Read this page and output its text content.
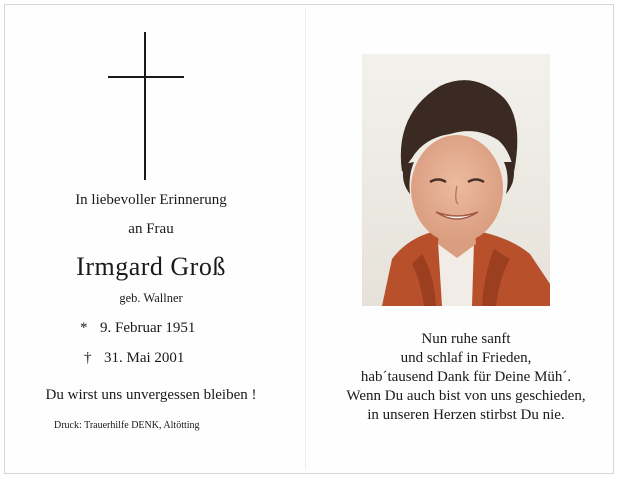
In liebevoller Erinnerung
an Frau
Irmgard Groß
geb. Wallner
* 9. Februar 1951
† 31. Mai 2001
Du wirst uns unvergessen bleiben !
Druck: Trauerhilfe DENK, Altötting
Nun ruhe sanft
und schlaf in Frieden,
hab´tausend Dank für Deine Müh´.
Wenn Du auch bist von uns geschieden,
in unseren Herzen stirbst Du nie.
